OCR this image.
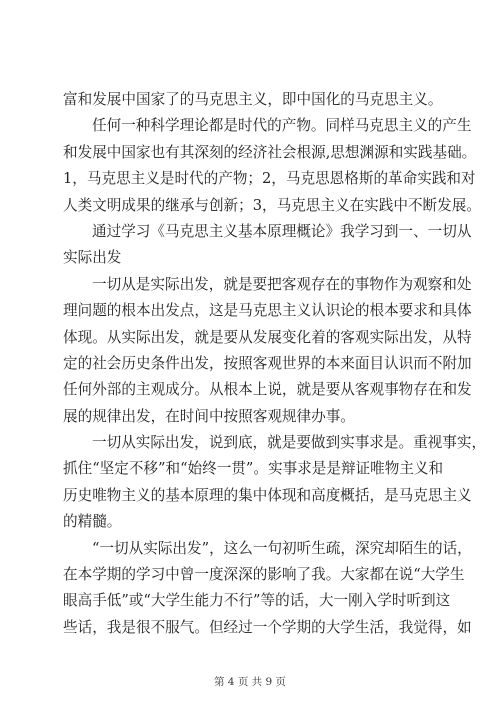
富和发展中国家了的马克思主义，即中国化的马克思主义。
任何一种科学理论都是时代的产物。同样马克思主义的产生
和发展中国家也有其深刻的经济社会根源,思想渊源和实践基础。
1，马克思主义是时代的产物；2，马克思恩格斯的革命实践和对
人类文明成果的继承与创新；3，马克思主义在实践中不断发展。
通过学习《马克思主义基本原理概论》我学习到一、一切从
实际出发
一切从是实际出发，就是要把客观存在的事物作为观察和处
理问题的根本出发点，这是马克思主义认识论的根本要求和具体
体现。从实际出发，就是要从发展变化着的客观实际出发，从特
定的社会历史条件出发，按照客观世界的本来面目认识而不附加
任何外部的主观成分。从根本上说，就是要从客观事物存在和发
展的规律出发，在时间中按照客观规律办事。
一切从实际出发，说到底，就是要做到实事求是。重视事实，
抓住“坚定不移”和“始终一贯”。实事求是是辩证唯物主义和
历史唯物主义的基本原理的集中体现和高度概括，是马克思主义
的精髓。
“一切从实际出发”，这么一句初听生疏，深究却陌生的话，
在本学期的学习中曾一度深深的影响了我。大家都在说“大学生
眼高手低”或“大学生能力不行”等的话，大一刚入学时听到这
些话，我是很不服气。但经过一个学期的大学生活，我觉得，如
第 4 页 共 9 页
